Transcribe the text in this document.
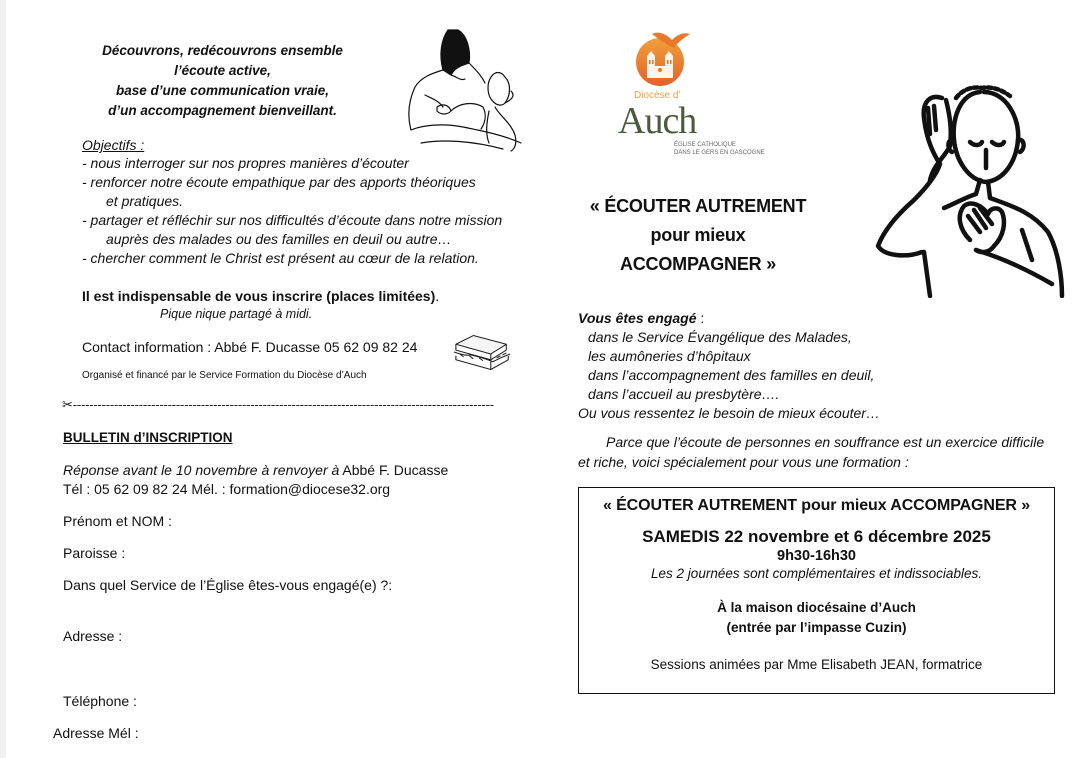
Découvrons, redécouvrons ensemble
l’écoute active,
base d’une communication vraie,
d’un accompagnement bienveillant.
Objectifs :
- nous interroger sur nos propres manières d’écouter
- renforcer notre écoute empathique par des apports théoriques
et pratiques.
- partager et réfléchir sur nos difficultés d’écoute dans notre mission
auprès des malades ou des familles en deuil ou autre…
- chercher comment le Christ est présent au cœur de la relation.
Il est indispensable de vous inscrire (places limitées).
Pique nique partagé à midi.
Contact information : Abbé F. Ducasse 05 62 09 82 24
Organisé et financé par le Service Formation du Diocèse d’Auch
✂------------------------------------------------------------------------------------------------------
BULLETIN d’INSCRIPTION
Réponse avant le 10 novembre à renvoyer à Abbé F. Ducasse
Tél : 05 62 09 82 24 Mél. : formation@diocese32.org
Prénom et NOM :
Paroisse :
Dans quel Service de l’Église êtes-vous engagé(e) ?:
Adresse :
Téléphone :
Adresse Mél :
Diocèse d’
Auch
ÉGLISE CATHOLIQUE
DANS LE GERS EN GASCOGNE
« ÉCOUTER AUTREMENT
pour mieux
ACCOMPAGNER »
Vous êtes engagé :
dans le Service Évangélique des Malades,
les aumôneries d’hôpitaux
dans l’accompagnement des familles en deuil,
dans l’accueil au presbytère….
Ou vous ressentez le besoin de mieux écouter…
Parce que l’écoute de personnes en souffrance est un exercice difficile
et riche, voici spécialement pour vous une formation :
« ÉCOUTER AUTREMENT pour mieux ACCOMPAGNER »
SAMEDIS 22 novembre et 6 décembre 2025
9h30-16h30
Les 2 journées sont complémentaires et indissociables.
À la maison diocésaine d’Auch
(entrée par l’impasse Cuzin)
Sessions animées par Mme Elisabeth JEAN, formatrice
